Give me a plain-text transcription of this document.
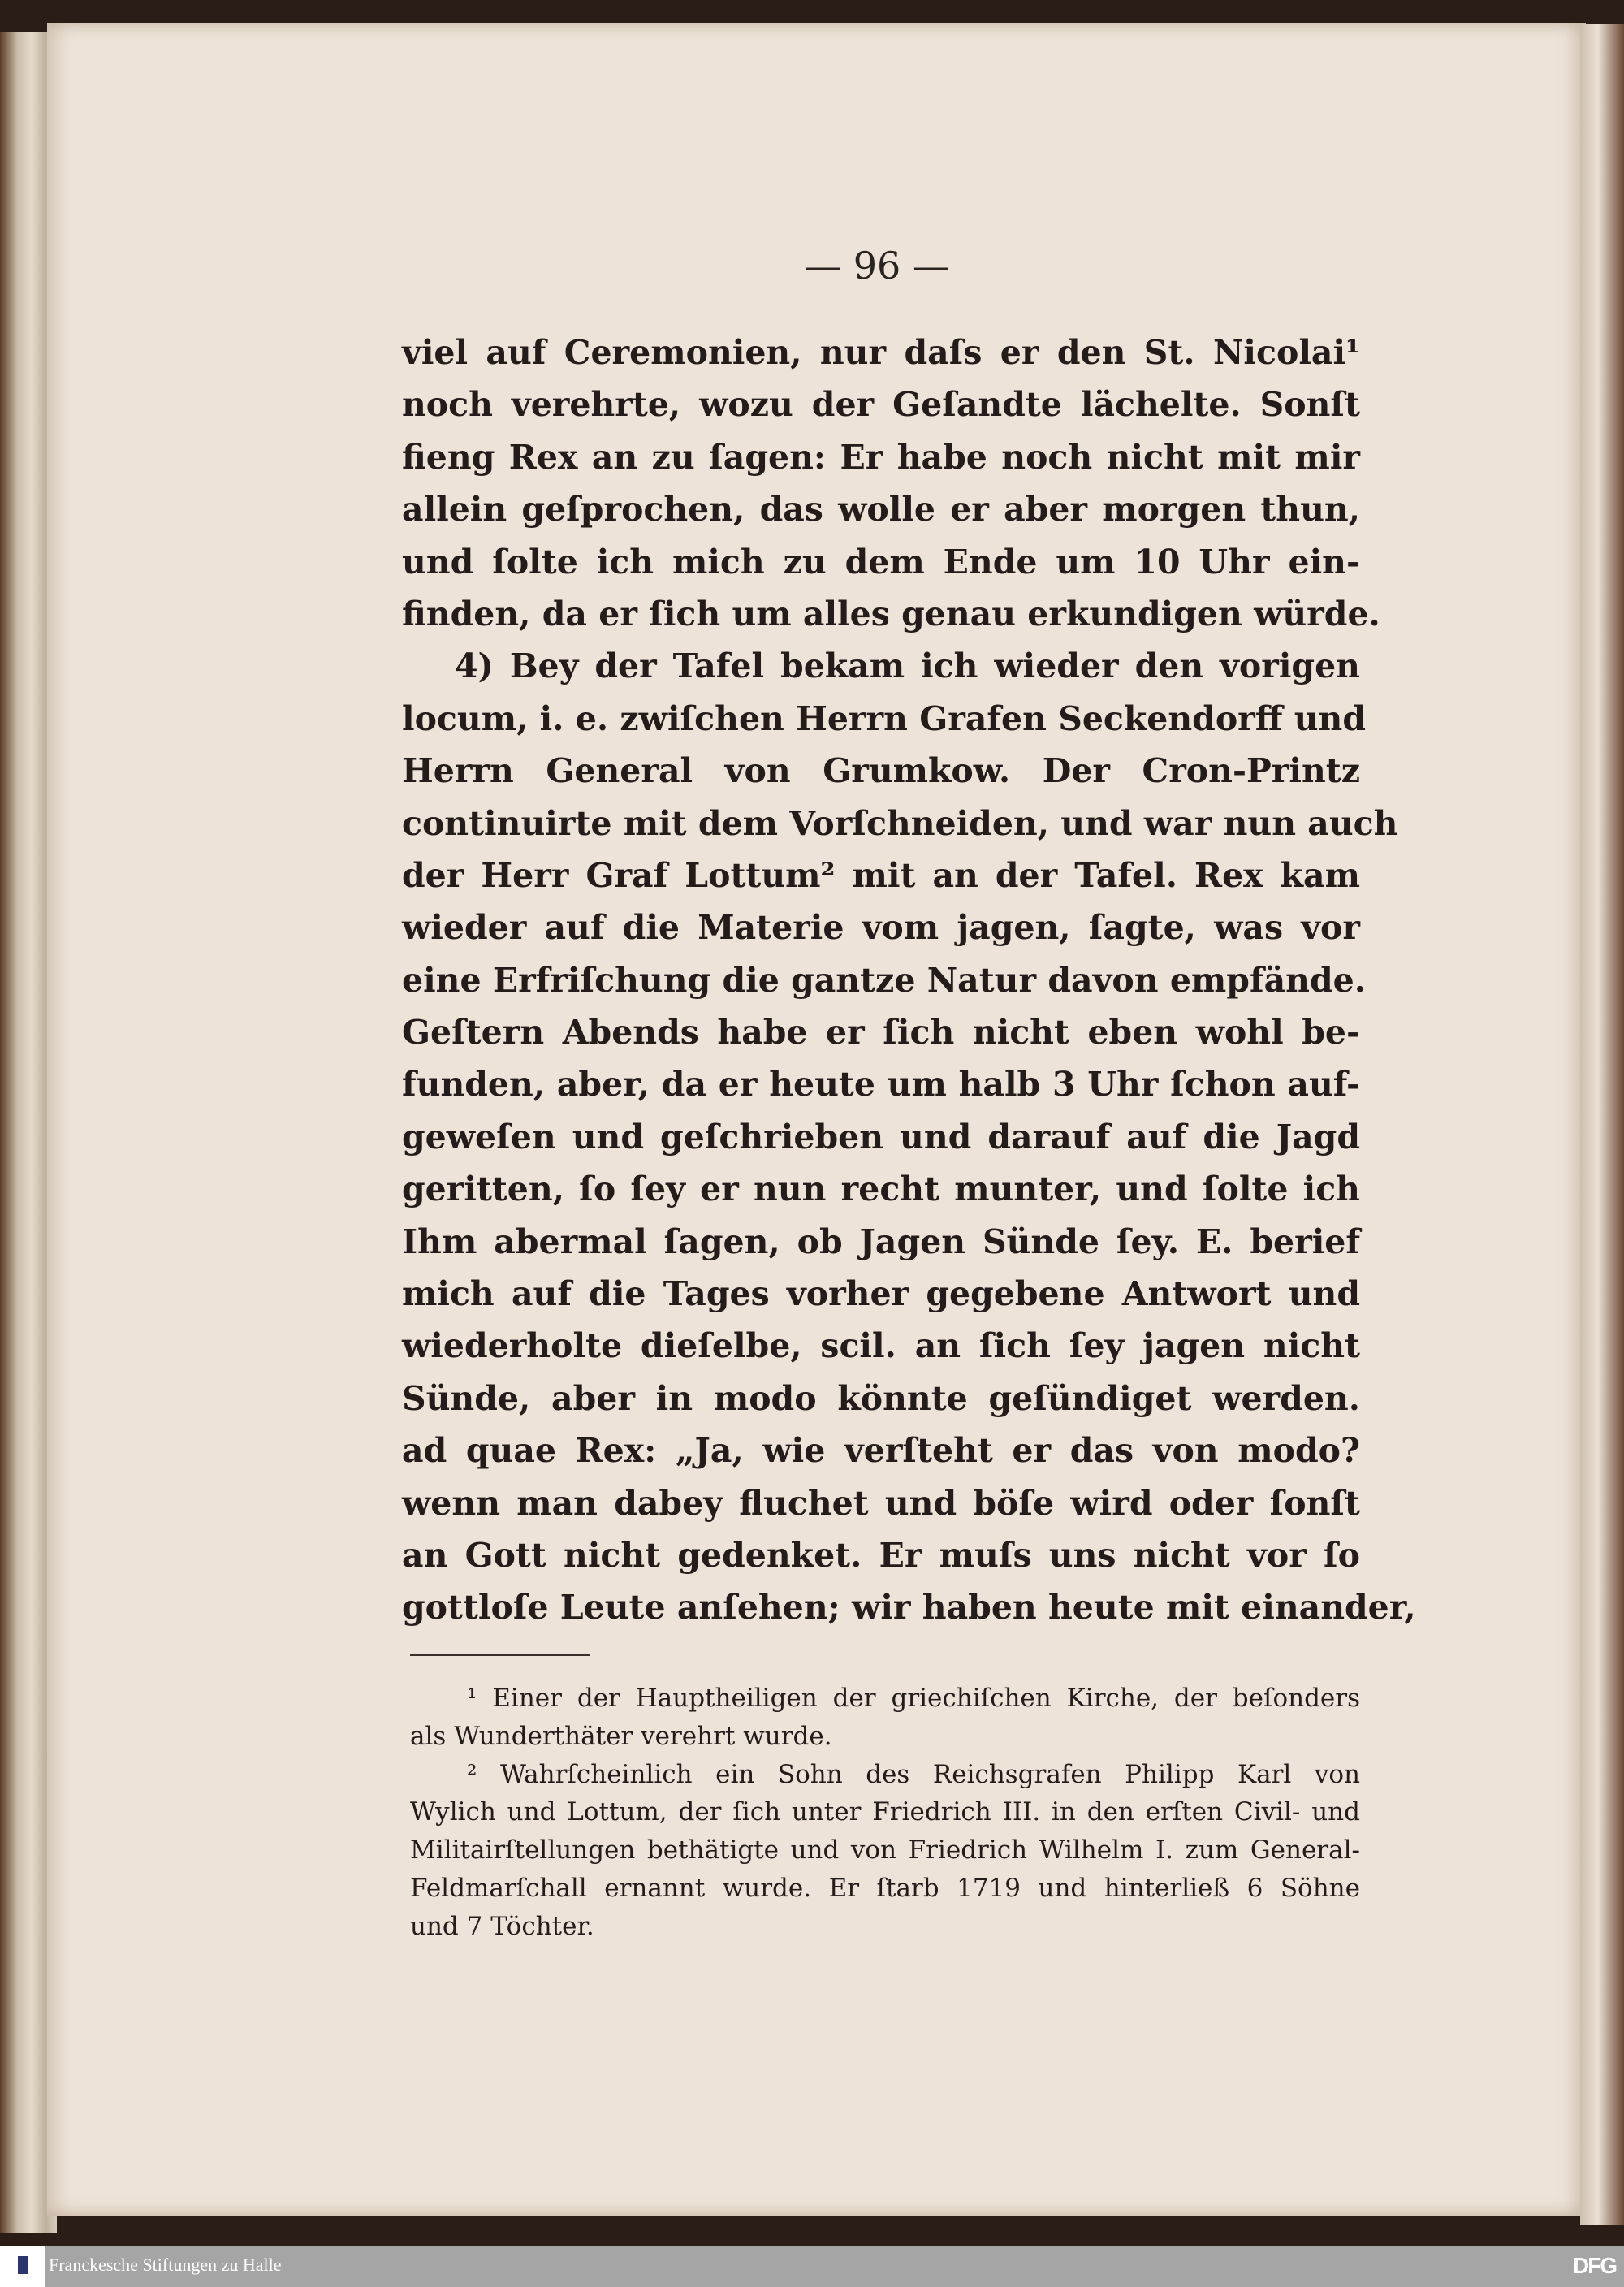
— 96 —
viel auf Ceremonien, nur daſs er den St. Nicolai¹
noch verehrte, wozu der Geſandte lächelte. Sonſt
fieng Rex an zu ſagen: Er habe noch nicht mit mir
allein geſprochen, das wolle er aber morgen thun,
und ſolte ich mich zu dem Ende um 10 Uhr ein-
finden, da er ſich um alles genau erkundigen würde.
4) Bey der Tafel bekam ich wieder den vorigen
locum, i. e. zwiſchen Herrn Grafen Seckendorff und
Herrn General von Grumkow. Der Cron-Printz
continuirte mit dem Vorſchneiden, und war nun auch
der Herr Graf Lottum² mit an der Tafel. Rex kam
wieder auf die Materie vom jagen, ſagte, was vor
eine Erfriſchung die gantze Natur davon empfände.
Geſtern Abends habe er ſich nicht eben wohl be-
funden, aber, da er heute um halb 3 Uhr ſchon auf-
geweſen und geſchrieben und darauf auf die Jagd
geritten, ſo ſey er nun recht munter, und ſolte ich
Ihm abermal ſagen, ob Jagen Sünde ſey. E. berief
mich auf die Tages vorher gegebene Antwort und
wiederholte dieſelbe, scil. an ſich ſey jagen nicht
Sünde, aber in modo könnte geſündiget werden.
ad quae Rex: „Ja, wie verſteht er das von modo?
wenn man dabey fluchet und böſe wird oder ſonſt
an Gott nicht gedenket. Er muſs uns nicht vor ſo
gottloſe Leute anſehen; wir haben heute mit einander,
¹ Einer der Hauptheiligen der griechiſchen Kirche, der beſonders
als Wunderthäter verehrt wurde.
² Wahrſcheinlich ein Sohn des Reichsgrafen Philipp Karl von
Wylich und Lottum, der ſich unter Friedrich III. in den erſten Civil- und
Militairſtellungen bethätigte und von Friedrich Wilhelm I. zum General-
Feldmarſchall ernannt wurde. Er ſtarb 1719 und hinterließ 6 Söhne
und 7 Töchter.
Franckesche Stiftungen zu Halle	DFG
